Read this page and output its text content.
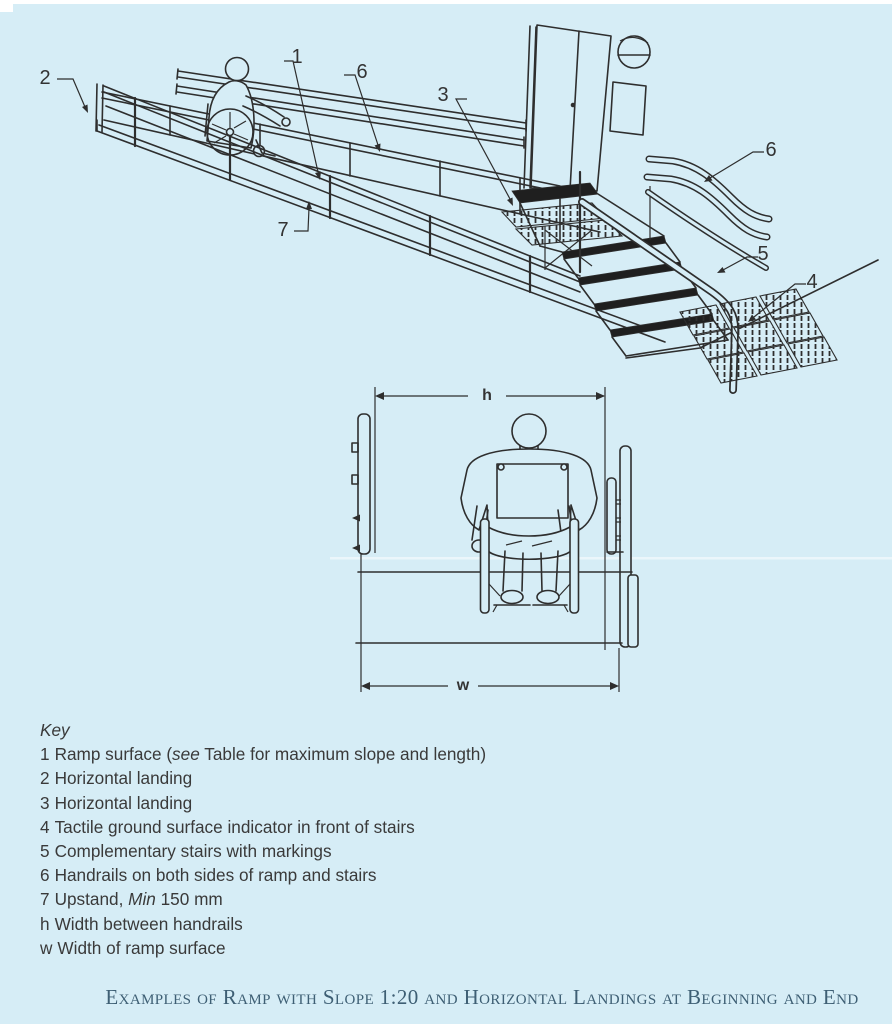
2
1
6
3
7
5
4
6
h
w
Key
1 Ramp surface (see Table for maximum slope and length)
2 Horizontal landing
3 Horizontal landing
4 Tactile ground surface indicator in front of stairs
5 Complementary stairs with markings
6 Handrails on both sides of ramp and stairs
7 Upstand, Min 150 mm
h Width between handrails
w Width of ramp surface
Examples of Ramp with Slope 1:20 and Horizontal Landings at Beginning and End
